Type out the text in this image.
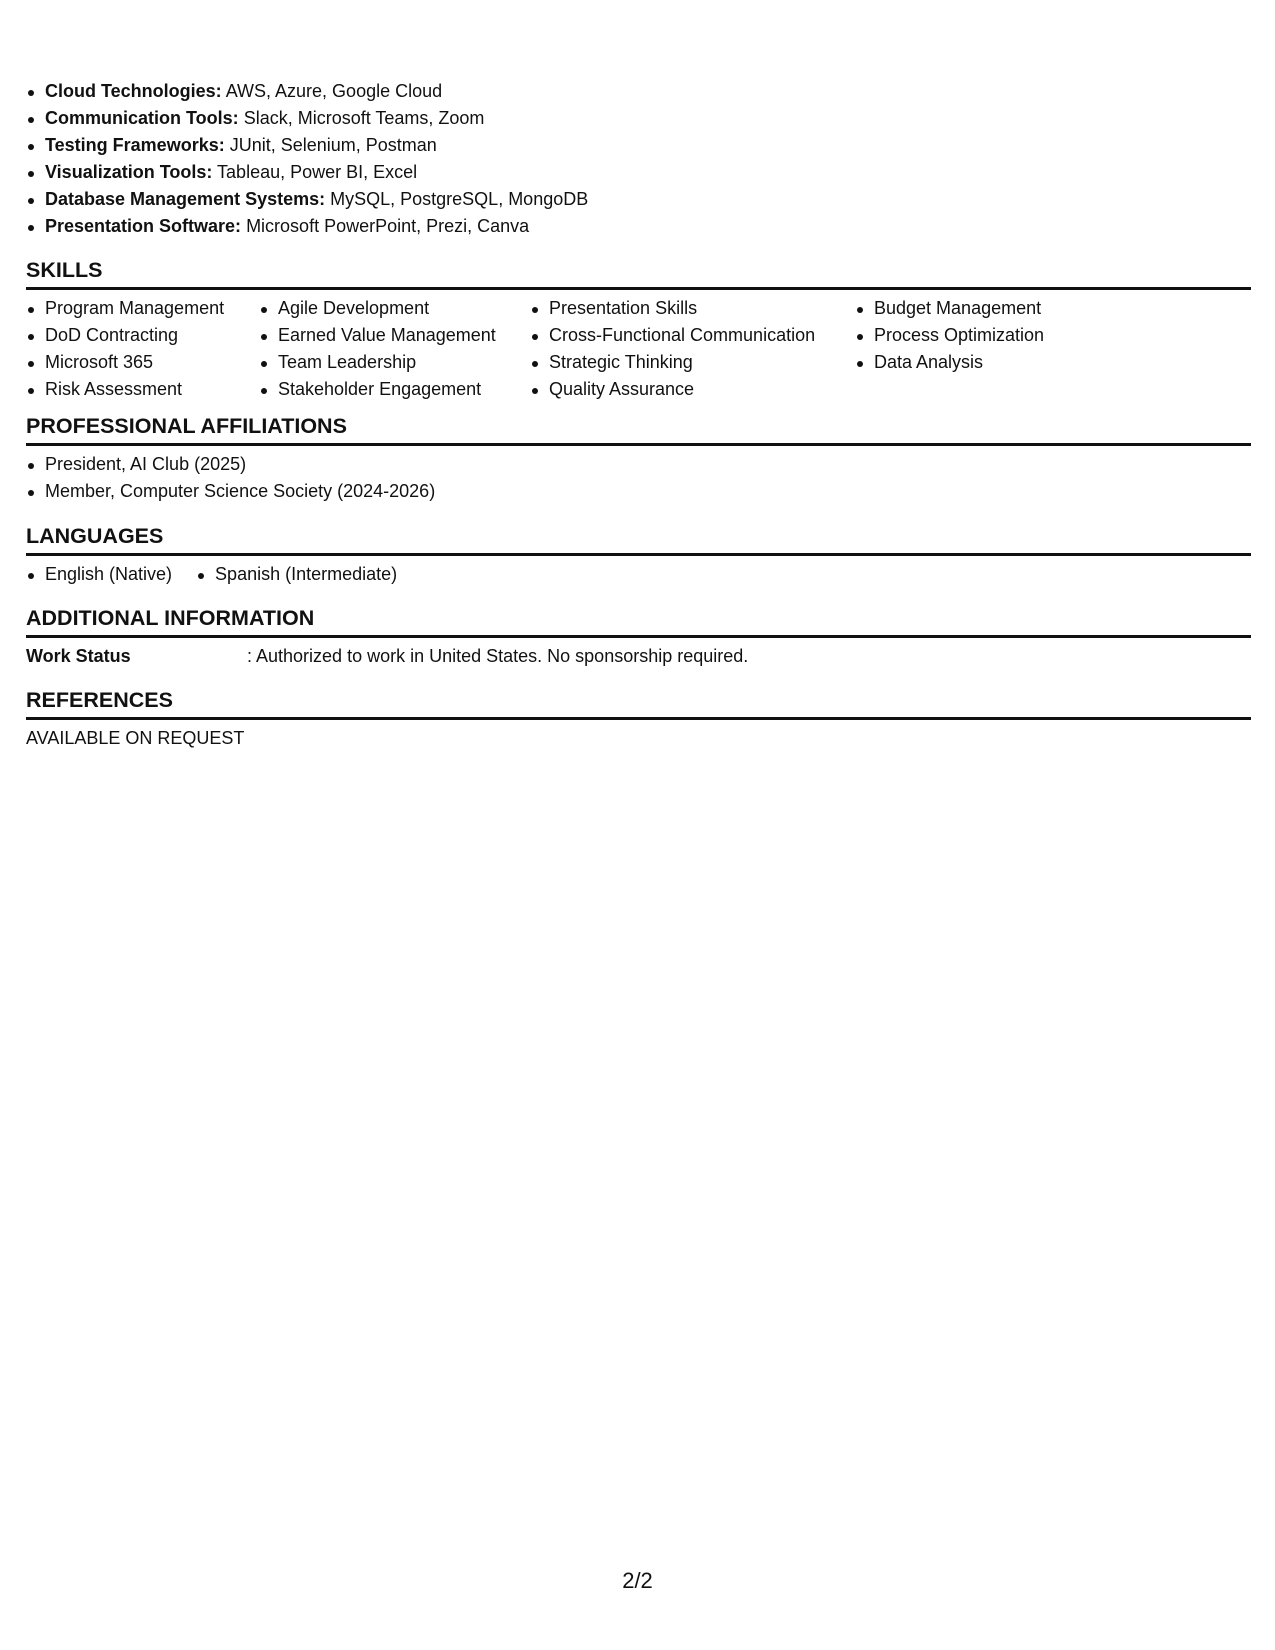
Cloud Technologies: AWS, Azure, Google Cloud
Communication Tools: Slack, Microsoft Teams, Zoom
Testing Frameworks: JUnit, Selenium, Postman
Visualization Tools: Tableau, Power BI, Excel
Database Management Systems: MySQL, PostgreSQL, MongoDB
Presentation Software: Microsoft PowerPoint, Prezi, Canva
SKILLS
Program Management
DoD Contracting
Microsoft 365
Risk Assessment
Agile Development
Earned Value Management
Team Leadership
Stakeholder Engagement
Presentation Skills
Cross-Functional Communication
Strategic Thinking
Quality Assurance
Budget Management
Process Optimization
Data Analysis
PROFESSIONAL AFFILIATIONS
President, AI Club (2025)
Member, Computer Science Society (2024-2026)
LANGUAGES
English (Native)	Spanish (Intermediate)
ADDITIONAL INFORMATION
Work Status	: Authorized to work in United States. No sponsorship required.
REFERENCES
AVAILABLE ON REQUEST
2/2
